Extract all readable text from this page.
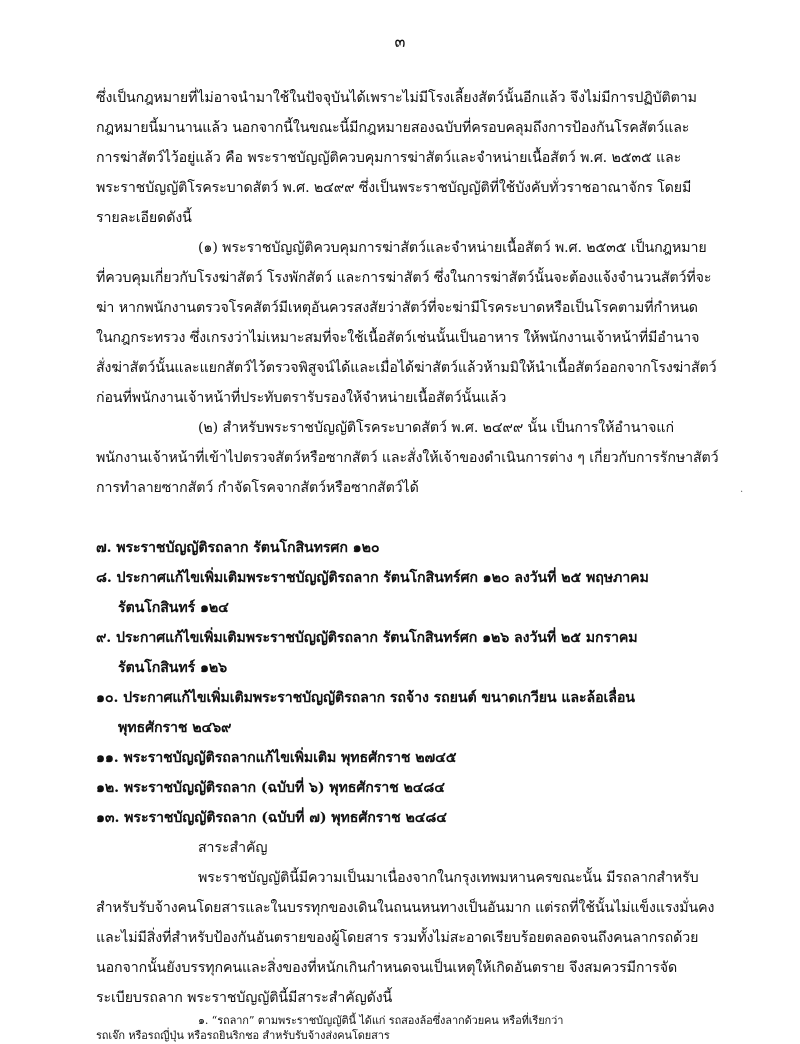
๓
ซึ่งเป็นกฎหมายที่ไม่อาจนำมาใช้ในปัจจุบันได้เพราะไม่มีโรงเลี้ยงสัตว์นั้นอีกแล้ว จึงไม่มีการปฏิบัติตาม
กฎหมายนี้มานานแล้ว นอกจากนี้ในขณะนี้มีกฎหมายสองฉบับที่ครอบคลุมถึงการป้องกันโรคสัตว์และ
การฆ่าสัตว์ไว้อยู่แล้ว คือ พระราชบัญญัติควบคุมการฆ่าสัตว์และจำหน่ายเนื้อสัตว์ พ.ศ. ๒๕๓๕ และ
พระราชบัญญัติโรคระบาดสัตว์ พ.ศ. ๒๔๙๙ ซึ่งเป็นพระราชบัญญัติที่ใช้บังคับทั่วราชอาณาจักร โดยมี
รายละเอียดดังนี้
(๑) พระราชบัญญัติควบคุมการฆ่าสัตว์และจำหน่ายเนื้อสัตว์ พ.ศ. ๒๕๓๕ เป็นกฎหมาย
ที่ควบคุมเกี่ยวกับโรงฆ่าสัตว์ โรงพักสัตว์ และการฆ่าสัตว์ ซึ่งในการฆ่าสัตว์นั้นจะต้องแจ้งจำนวนสัตว์ที่จะ
ฆ่า หากพนักงานตรวจโรคสัตว์มีเหตุอันควรสงสัยว่าสัตว์ที่จะฆ่ามีโรคระบาดหรือเป็นโรคตามที่กำหนด
ในกฎกระทรวง ซึ่งเกรงว่าไม่เหมาะสมที่จะใช้เนื้อสัตว์เช่นนั้นเป็นอาหาร ให้พนักงานเจ้าหน้าที่มีอำนาจ
สั่งฆ่าสัตว์นั้นและแยกสัตว์ไว้ตรวจพิสูจน์ได้และเมื่อได้ฆ่าสัตว์แล้วห้ามมิให้นำเนื้อสัตว์ออกจากโรงฆ่าสัตว์
ก่อนที่พนักงานเจ้าหน้าที่ประทับตรารับรองให้จำหน่ายเนื้อสัตว์นั้นแล้ว
(๒) สำหรับพระราชบัญญัติโรคระบาดสัตว์ พ.ศ. ๒๔๙๙ นั้น เป็นการให้อำนาจแก่
พนักงานเจ้าหน้าที่เข้าไปตรวจสัตว์หรือซากสัตว์ และสั่งให้เจ้าของดำเนินการต่าง ๆ เกี่ยวกับการรักษาสัตว์
การทำลายซากสัตว์ กำจัดโรคจากสัตว์หรือซากสัตว์ได้	.
๗. พระราชบัญญัติรถลาก รัตนโกสินทรศก ๑๒๐
๘. ประกาศแก้ไขเพิ่มเติมพระราชบัญญัติรถลาก รัตนโกสินทร์ศก ๑๒๐ ลงวันที่ ๒๕ พฤษภาคม
รัตนโกสินทร์ ๑๒๔
๙. ประกาศแก้ไขเพิ่มเติมพระราชบัญญัติรถลาก รัตนโกสินทร์ศก ๑๒๖ ลงวันที่ ๒๕ มกราคม
รัตนโกสินทร์ ๑๒๖
๑๐. ประกาศแก้ไขเพิ่มเติมพระราชบัญญัติรถลาก รถจ้าง รถยนต์ ขนาดเกวียน และล้อเลื่อน
พุทธศักราช ๒๔๖๙
๑๑. พระราชบัญญัติรถลากแก้ไขเพิ่มเติม พุทธศักราช ๒๗๔๕
๑๒. พระราชบัญญัติรถลาก (ฉบับที่ ๖) พุทธศักราช ๒๔๘๔
๑๓. พระราชบัญญัติรถลาก (ฉบับที่ ๗) พุทธศักราช ๒๔๘๔
สาระสำคัญ
พระราชบัญญัตินี้มีความเป็นมาเนื่องจากในกรุงเทพมหานครขณะนั้น มีรถลากสำหรับ
สำหรับรับจ้างคนโดยสารและในบรรทุกของเดินในถนนหนทางเป็นอันมาก แต่รถที่ใช้นั้นไม่แข็งแรงมั่นคง
และไม่มีสิ่งที่สำหรับป้องกันอันตรายของผู้โดยสาร รวมทั้งไม่สะอาดเรียบร้อยตลอดจนถึงคนลากรถด้วย
นอกจากนั้นยังบรรทุกคนและสิ่งของที่หนักเกินกำหนดจนเป็นเหตุให้เกิดอันตราย จึงสมควรมีการจัด
ระเบียบรถลาก พระราชบัญญัตินี้มีสาระสำคัญดังนี้
๑. “รถลาก” ตามพระราชบัญญัตินี้ ได้แก่ รถสองล้อซึ่งลากด้วยคน หรือที่เรียกว่า
รถเจ๊ก หรือรถญี่ปุ่น หรือรถยินริกชอ สำหรับรับจ้างส่งคนโดยสาร
